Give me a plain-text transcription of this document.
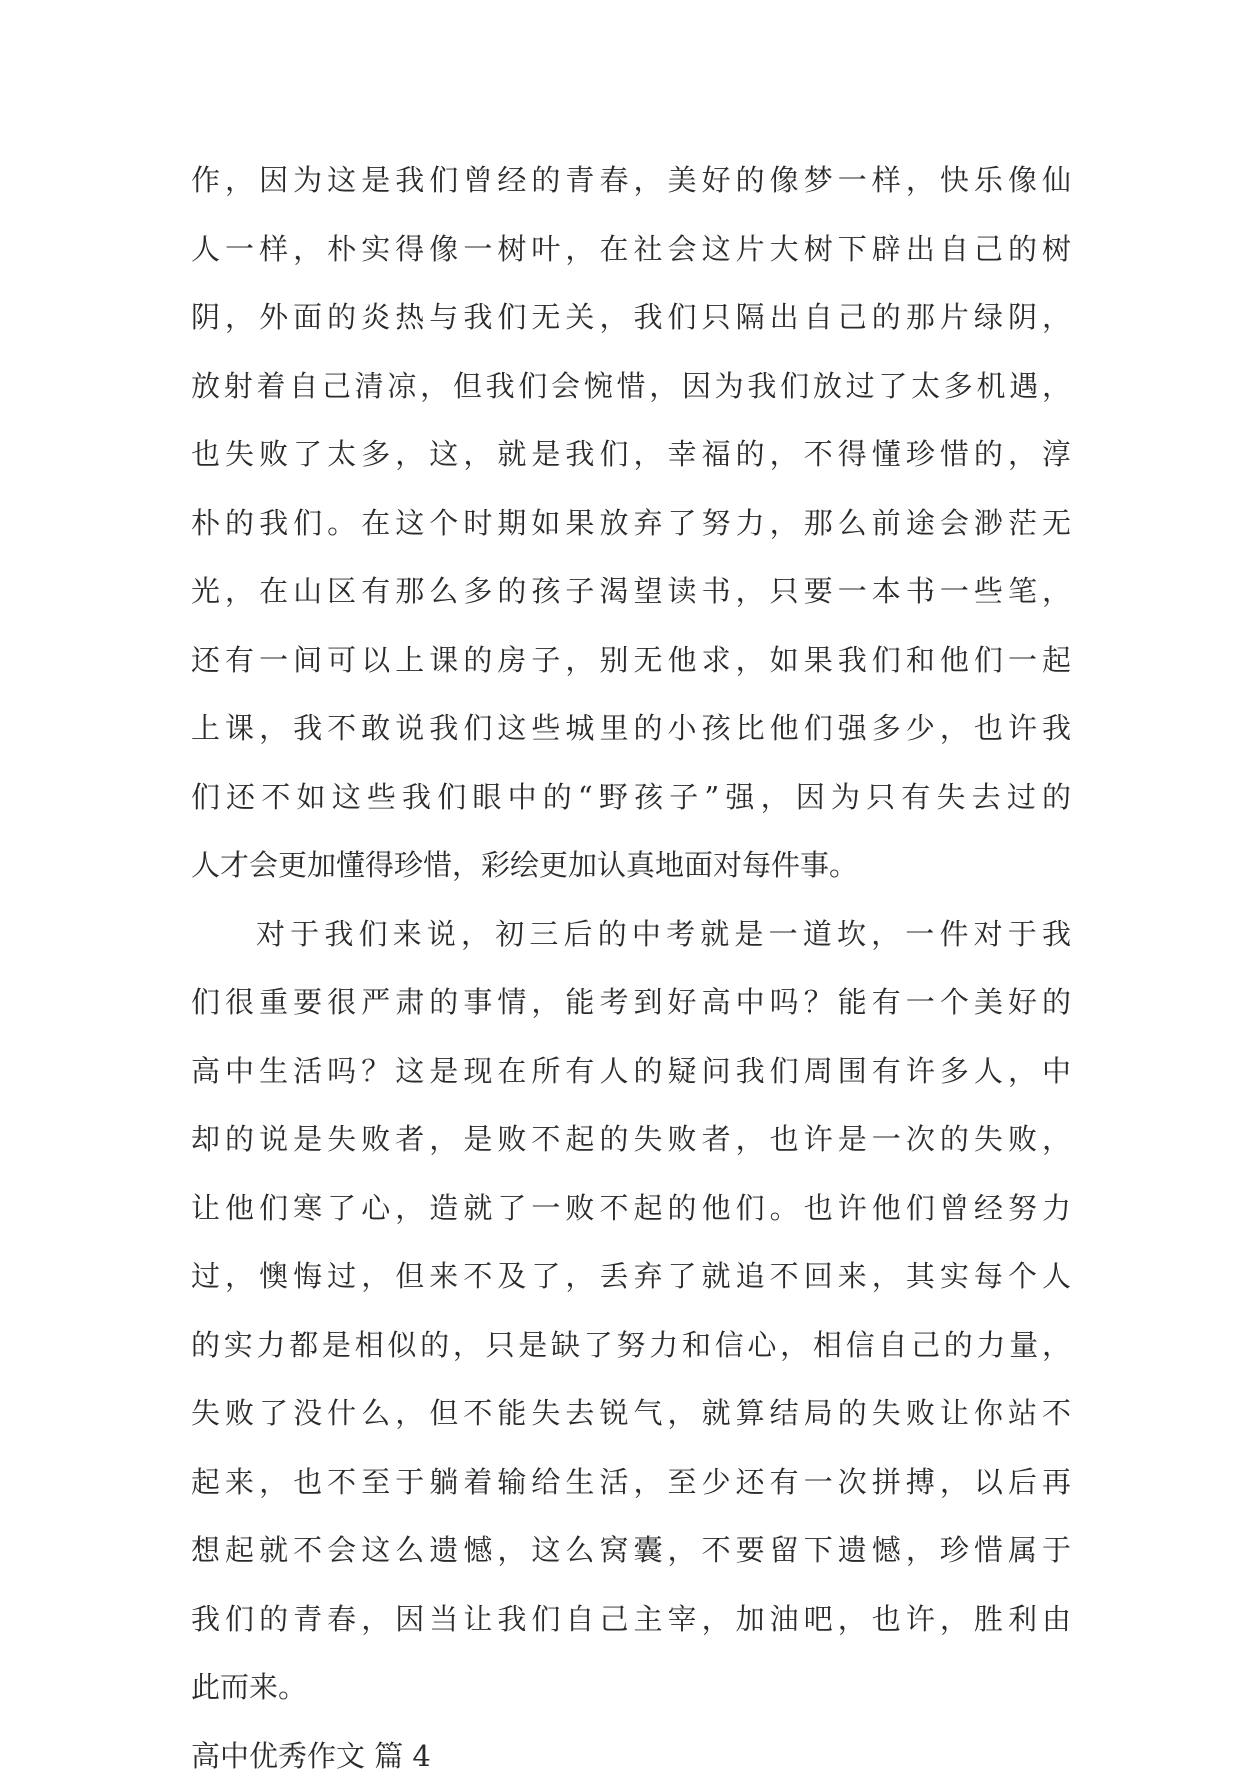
作，因为这是我们曾经的青春，美好的像梦一样，快乐像仙
人一样，朴实得像一树叶，在社会这片大树下辟出自己的树
阴，外面的炎热与我们无关，我们只隔出自己的那片绿阴，
放射着自己清凉，但我们会惋惜，因为我们放过了太多机遇，
也失败了太多，这，就是我们，幸福的，不得懂珍惜的，淳
朴的我们。在这个时期如果放弃了努力，那么前途会渺茫无
光，在山区有那么多的孩子渴望读书，只要一本书一些笔，
还有一间可以上课的房子，别无他求，如果我们和他们一起
上课，我不敢说我们这些城里的小孩比他们强多少，也许我
们还不如这些我们眼中的“野孩子”强，因为只有失去过的
人才会更加懂得珍惜，彩绘更加认真地面对每件事。
对于我们来说，初三后的中考就是一道坎，一件对于我
们很重要很严肃的事情，能考到好高中吗？能有一个美好的
高中生活吗？这是现在所有人的疑问我们周围有许多人，中
却的说是失败者，是败不起的失败者，也许是一次的失败，
让他们寒了心，造就了一败不起的他们。也许他们曾经努力
过，懊悔过，但来不及了，丢弃了就追不回来，其实每个人
的实力都是相似的，只是缺了努力和信心，相信自己的力量，
失败了没什么，但不能失去锐气，就算结局的失败让你站不
起来，也不至于躺着输给生活，至少还有一次拼搏，以后再
想起就不会这么遗憾，这么窝囊，不要留下遗憾，珍惜属于
我们的青春，因当让我们自己主宰，加油吧，也许，胜利由
此而来。
高中优秀作文 篇 4
